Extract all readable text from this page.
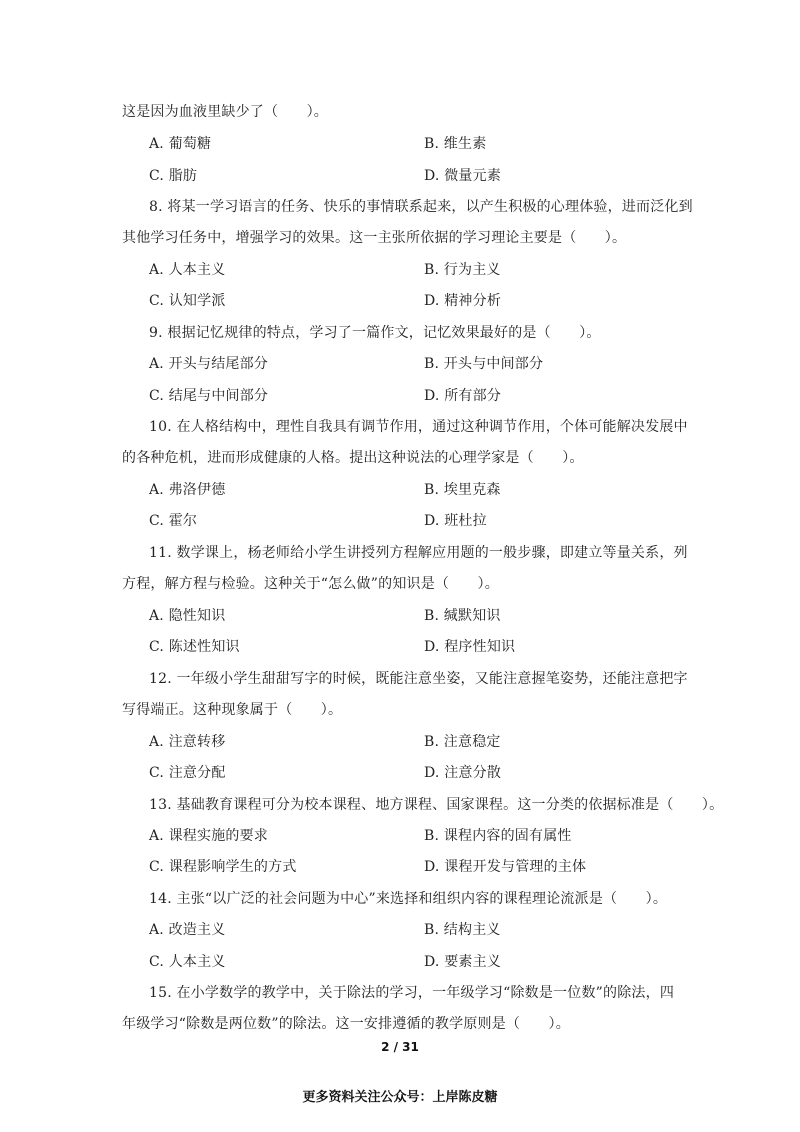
这是因为血液里缺少了（　　）。
A. 葡萄糖	B. 维生素
C. 脂肪	D. 微量元素
8. 将某一学习语言的任务、快乐的事情联系起来，以产生积极的心理体验，进而泛化到
其他学习任务中，增强学习的效果。这一主张所依据的学习理论主要是（　　）。
A. 人本主义	B. 行为主义
C. 认知学派	D. 精神分析
9. 根据记忆规律的特点，学习了一篇作文，记忆效果最好的是（　　）。
A. 开头与结尾部分	B. 开头与中间部分
C. 结尾与中间部分	D. 所有部分
10. 在人格结构中，理性自我具有调节作用，通过这种调节作用，个体可能解决发展中
的各种危机，进而形成健康的人格。提出这种说法的心理学家是（　　）。
A. 弗洛伊德	B. 埃里克森
C. 霍尔	D. 班杜拉
11. 数学课上，杨老师给小学生讲授列方程解应用题的一般步骤，即建立等量关系，列
方程，解方程与检验。这种关于“怎么做”的知识是（　　）。
A. 隐性知识	B. 缄默知识
C. 陈述性知识	D. 程序性知识
12. 一年级小学生甜甜写字的时候，既能注意坐姿，又能注意握笔姿势，还能注意把字
写得端正。这种现象属于（　　）。
A. 注意转移	B. 注意稳定
C. 注意分配	D. 注意分散
13. 基础教育课程可分为校本课程、地方课程、国家课程。这一分类的依据标准是（　　）。
A. 课程实施的要求	B. 课程内容的固有属性
C. 课程影响学生的方式	D. 课程开发与管理的主体
14. 主张“以广泛的社会问题为中心”来选择和组织内容的课程理论流派是（　　）。
A. 改造主义	B. 结构主义
C. 人本主义	D. 要素主义
15. 在小学数学的教学中，关于除法的学习，一年级学习“除数是一位数”的除法，四
年级学习“除数是两位数”的除法。这一安排遵循的教学原则是（　　）。
2 / 31
更多资料关注公众号：上岸陈皮糖
